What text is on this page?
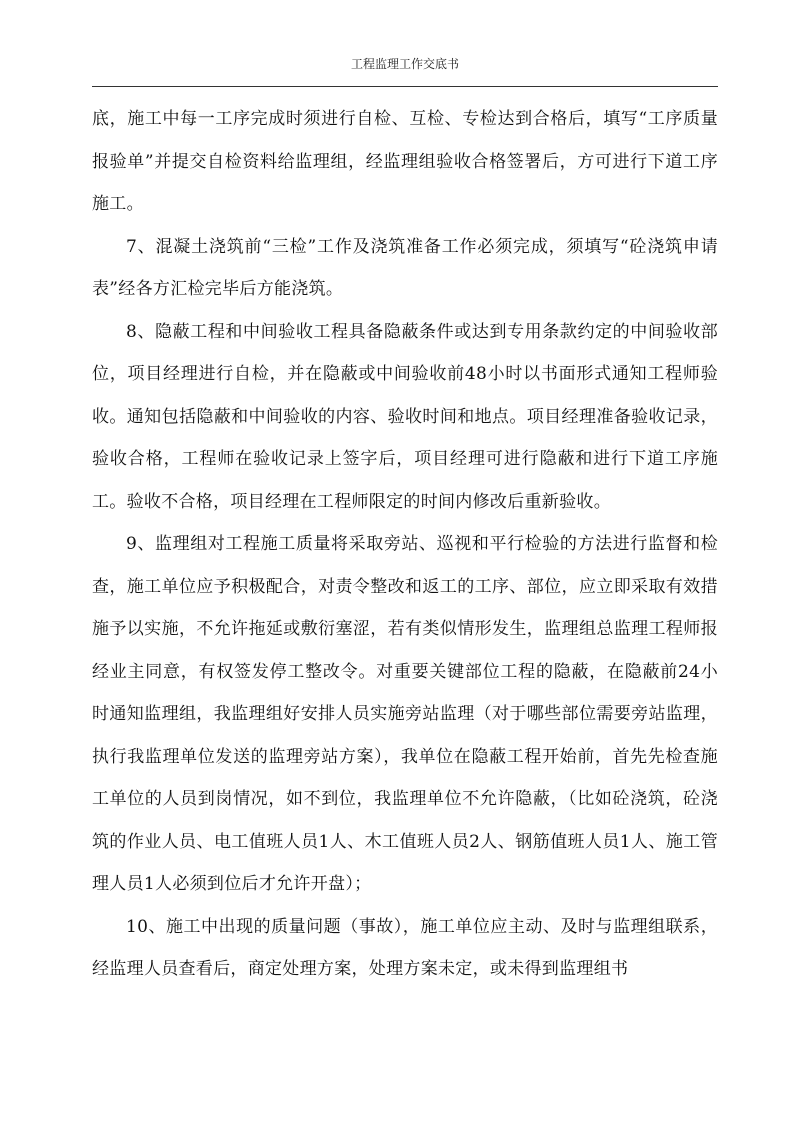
工程监理工作交底书

底，施工中每一工序完成时须进行自检、互检、专检达到合格后，填写“工序质量报验单”并提交自检资料给监理组，经监理组验收合格签署后，方可进行下道工序施工。

7、混凝土浇筑前“三检”工作及浇筑准备工作必须完成，须填写“砼浇筑申请表”经各方汇检完毕后方能浇筑。

8、隐蔽工程和中间验收工程具备隐蔽条件或达到专用条款约定的中间验收部位，项目经理进行自检，并在隐蔽或中间验收前48小时以书面形式通知工程师验收。通知包括隐蔽和中间验收的内容、验收时间和地点。项目经理准备验收记录，验收合格，工程师在验收记录上签字后，项目经理可进行隐蔽和进行下道工序施工。验收不合格，项目经理在工程师限定的时间内修改后重新验收。

9、监理组对工程施工质量将采取旁站、巡视和平行检验的方法进行监督和检查，施工单位应予积极配合，对责令整改和返工的工序、部位，应立即采取有效措施予以实施，不允许拖延或敷衍塞涩，若有类似情形发生，监理组总监理工程师报经业主同意，有权签发停工整改令。对重要关键部位工程的隐蔽，在隐蔽前24小时通知监理组，我监理组好安排人员实施旁站监理（对于哪些部位需要旁站监理，执行我监理单位发送的监理旁站方案），我单位在隐蔽工程开始前，首先先检查施工单位的人员到岗情况，如不到位，我监理单位不允许隐蔽，（比如砼浇筑，砼浇筑的作业人员、电工值班人员1人、木工值班人员2人、钢筋值班人员1人、施工管理人员1人必须到位后才允许开盘）；

10、施工中出现的质量问题（事故），施工单位应主动、及时与监理组联系，经监理人员查看后，商定处理方案，处理方案未定，或未得到监理组书
